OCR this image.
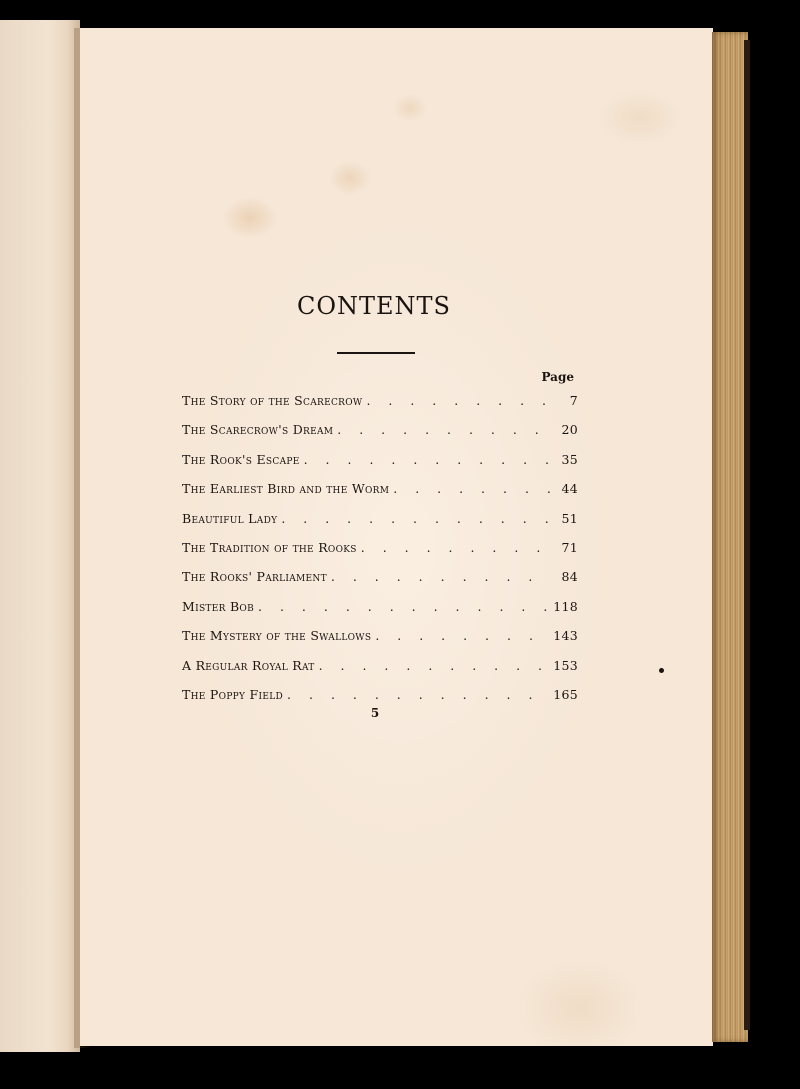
CONTENTS
Page
The Story of the Scarecrow . . .	7
The Scarecrow's Dream . . .	20
The Rook's Escape . . .	35
The Earliest Bird and the Worm . . .	44
Beautiful Lady . . .	51
The Tradition of the Rooks . . .	71
The Rooks' Parliament . . .	84
Mister Bob . . .	118
The Mystery of the Swallows . . .	143
A Regular Royal Rat . . .	153
The Poppy Field . . .	165
5
